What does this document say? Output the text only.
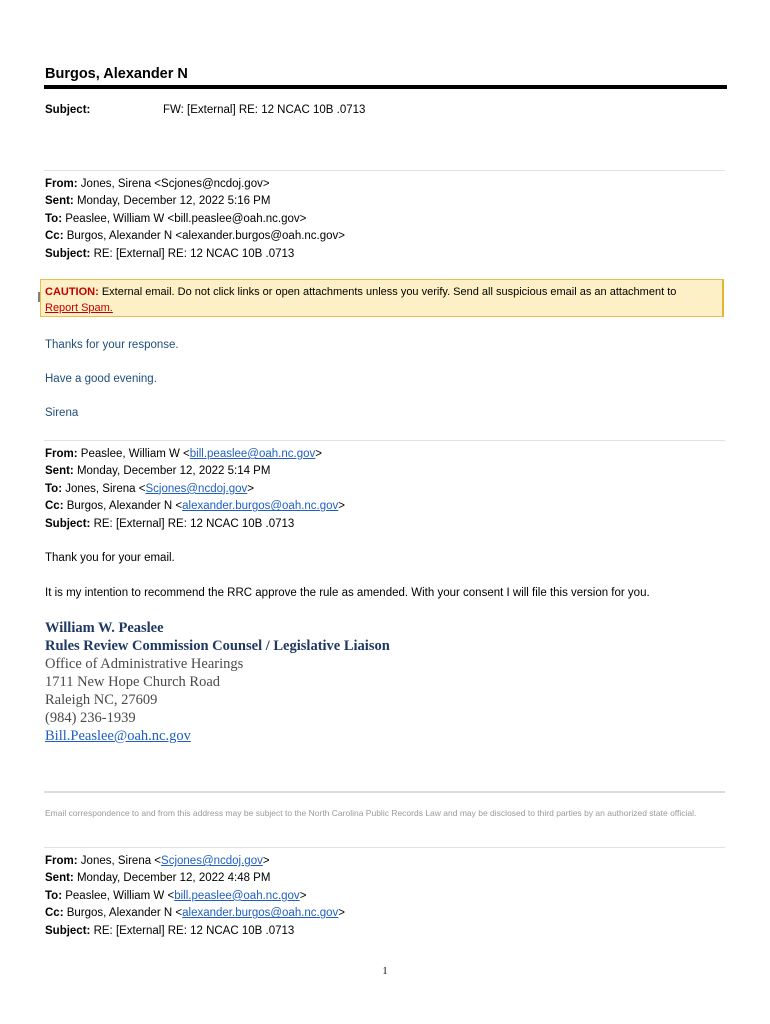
Burgos, Alexander N
Subject:	FW: [External] RE: 12 NCAC 10B .0713
From: Jones, Sirena <Scjones@ncdoj.gov>
Sent: Monday, December 12, 2022 5:16 PM
To: Peaslee, William W <bill.peaslee@oah.nc.gov>
Cc: Burgos, Alexander N <alexander.burgos@oah.nc.gov>
Subject: RE: [External] RE: 12 NCAC 10B .0713
CAUTION: External email. Do not click links or open attachments unless you verify. Send all suspicious email as an attachment to
Report Spam.
Thanks for your response.
Have a good evening.
Sirena
From: Peaslee, William W <bill.peaslee@oah.nc.gov>
Sent: Monday, December 12, 2022 5:14 PM
To: Jones, Sirena <Scjones@ncdoj.gov>
Cc: Burgos, Alexander N <alexander.burgos@oah.nc.gov>
Subject: RE: [External] RE: 12 NCAC 10B .0713
Thank you for your email.
It is my intention to recommend the RRC approve the rule as amended. With your consent I will file this version for you.
William W. Peaslee
Rules Review Commission Counsel / Legislative Liaison
Office of Administrative Hearings
1711 New Hope Church Road
Raleigh NC, 27609
(984) 236-1939
Bill.Peaslee@oah.nc.gov
Email correspondence to and from this address may be subject to the North Carolina Public Records Law and may be disclosed to third parties by an authorized state official.
From: Jones, Sirena <Scjones@ncdoj.gov>
Sent: Monday, December 12, 2022 4:48 PM
To: Peaslee, William W <bill.peaslee@oah.nc.gov>
Cc: Burgos, Alexander N <alexander.burgos@oah.nc.gov>
Subject: RE: [External] RE: 12 NCAC 10B .0713
1
